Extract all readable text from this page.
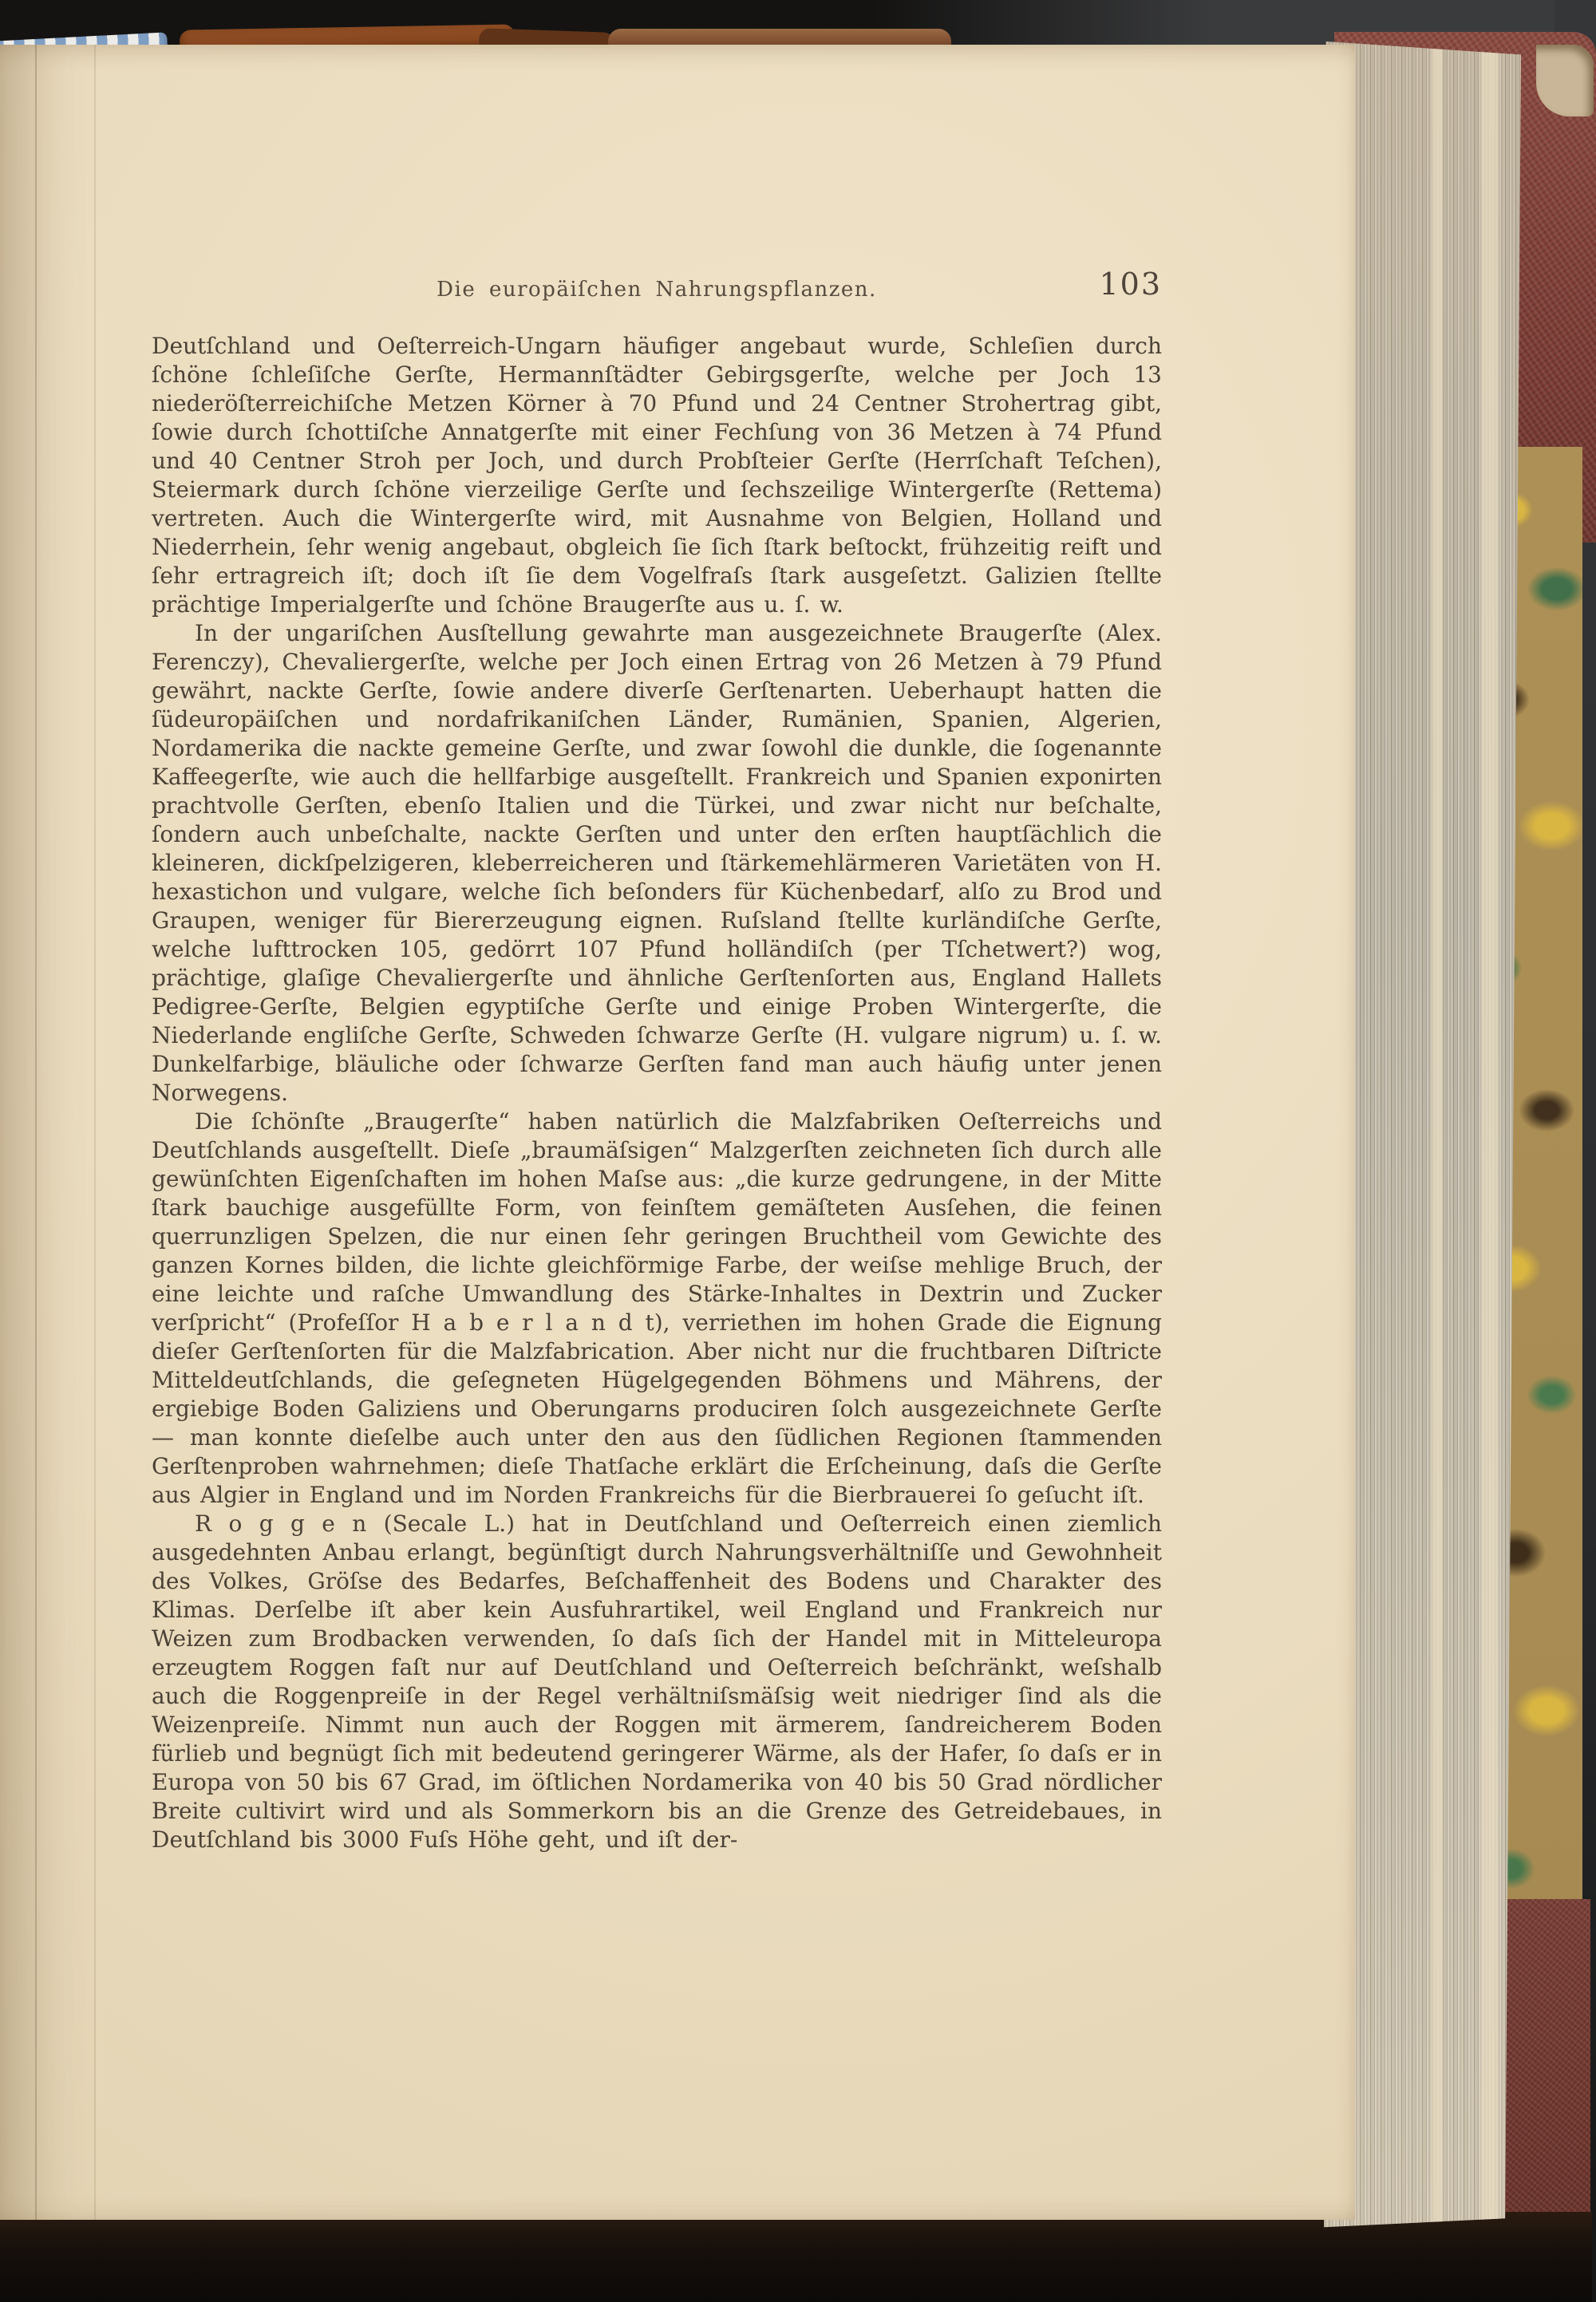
Die europäiſchen Nahrungspflanzen.	103

Deutſchland und Oeſterreich-Ungarn häufiger angebaut wurde, Schleſien durch ſchöne ſchleſiſche Gerſte, Hermannſtädter Gebirgsgerſte, welche per Joch 13 niederöſterreichiſche Metzen Körner à 70 Pfund und 24 Centner Strohertrag gibt, ſowie durch ſchottiſche Annatgerſte mit einer Fechſung von 36 Metzen à 74 Pfund und 40 Centner Stroh per Joch, und durch Probſteier Gerſte (Herrſchaft Teſchen), Steiermark durch ſchöne vierzeilige Gerſte und ſechszeilige Wintergerſte (Rettema) vertreten. Auch die Wintergerſte wird, mit Ausnahme von Belgien, Holland und Niederrhein, ſehr wenig angebaut, obgleich ſie ſich ſtark beſtockt, frühzeitig reift und ſehr ertragreich iſt; doch iſt ſie dem Vogelfraſs ſtark ausgeſetzt. Galizien ſtellte prächtige Imperialgerſte und ſchöne Braugerſte aus u. ſ. w.

In der ungariſchen Ausſtellung gewahrte man ausgezeichnete Braugerſte (Alex. Ferenczy), Chevaliergerſte, welche per Joch einen Ertrag von 26 Metzen à 79 Pfund gewährt, nackte Gerſte, ſowie andere diverſe Gerſtenarten. Ueberhaupt hatten die ſüdeuropäiſchen und nordafrikaniſchen Länder, Rumänien, Spanien, Algerien, Nordamerika die nackte gemeine Gerſte, und zwar ſowohl die dunkle, die ſogenannte Kaffeegerſte, wie auch die hellfarbige ausgeſtellt. Frankreich und Spanien exponirten prachtvolle Gerſten, ebenſo Italien und die Türkei, und zwar nicht nur beſchalte, ſondern auch unbeſchalte, nackte Gerſten und unter den erſten hauptſächlich die kleineren, dickſpelzigeren, kleberreicheren und ſtärkemehlärmeren Varietäten von H. hexastichon und vulgare, welche ſich beſonders für Küchenbedarf, alſo zu Brod und Graupen, weniger für Biererzeugung eignen. Ruſsland ſtellte kurländiſche Gerſte, welche lufttrocken 105, gedörrt 107 Pfund holländiſch (per Tſchetwert?) wog, prächtige, glaſige Chevaliergerſte und ähnliche Gerſtenſorten aus, England Hallets Pedigree-Gerſte, Belgien egyptiſche Gerſte und einige Proben Wintergerſte, die Niederlande engliſche Gerſte, Schweden ſchwarze Gerſte (H. vulgare nigrum) u. ſ. w. Dunkelfarbige, bläuliche oder ſchwarze Gerſten fand man auch häufig unter jenen Norwegens.

Die ſchönſte „Braugerſte“ haben natürlich die Malzfabriken Oeſterreichs und Deutſchlands ausgeſtellt. Dieſe „braumäſsigen“ Malzgerſten zeichneten ſich durch alle gewünſchten Eigenſchaften im hohen Maſse aus: „die kurze gedrungene, in der Mitte ſtark bauchige ausgefüllte Form, von feinſtem gemäſteten Ausſehen, die feinen querrunzligen Spelzen, die nur einen ſehr geringen Bruchtheil vom Gewichte des ganzen Kornes bilden, die lichte gleichförmige Farbe, der weiſse mehlige Bruch, der eine leichte und raſche Umwandlung des Stärke-Inhaltes in Dextrin und Zucker verſpricht“ (Profeſſor H a b e r l a n d t), verriethen im hohen Grade die Eignung dieſer Gerſtenſorten für die Malzfabrication. Aber nicht nur die fruchtbaren Diſtricte Mitteldeutſchlands, die geſegneten Hügelgegenden Böhmens und Mährens, der ergiebige Boden Galiziens und Oberungarns produciren ſolch ausgezeichnete Gerſte — man konnte dieſelbe auch unter den aus den ſüdlichen Regionen ſtammenden Gerſtenproben wahrnehmen; dieſe Thatſache erklärt die Erſcheinung, daſs die Gerſte aus Algier in England und im Norden Frankreichs für die Bierbrauerei ſo geſucht iſt.

R o g g e n (Secale L.) hat in Deutſchland und Oeſterreich einen ziemlich ausgedehnten Anbau erlangt, begünſtigt durch Nahrungsverhältniſſe und Gewohnheit des Volkes, Gröſse des Bedarfes, Beſchaffenheit des Bodens und Charakter des Klimas. Derſelbe iſt aber kein Ausfuhrartikel, weil England und Frankreich nur Weizen zum Brodbacken verwenden, ſo daſs ſich der Handel mit in Mitteleuropa erzeugtem Roggen faſt nur auf Deutſchland und Oeſterreich beſchränkt, weſshalb auch die Roggenpreiſe in der Regel verhältniſsmäſsig weit niedriger ſind als die Weizenpreiſe. Nimmt nun auch der Roggen mit ärmerem, ſandreicherem Boden fürlieb und begnügt ſich mit bedeutend geringerer Wärme, als der Hafer, ſo daſs er in Europa von 50 bis 67 Grad, im öſtlichen Nordamerika von 40 bis 50 Grad nördlicher Breite cultivirt wird und als Sommerkorn bis an die Grenze des Getreidebaues, in Deutſchland bis 3000 Fuſs Höhe geht, und iſt der-
